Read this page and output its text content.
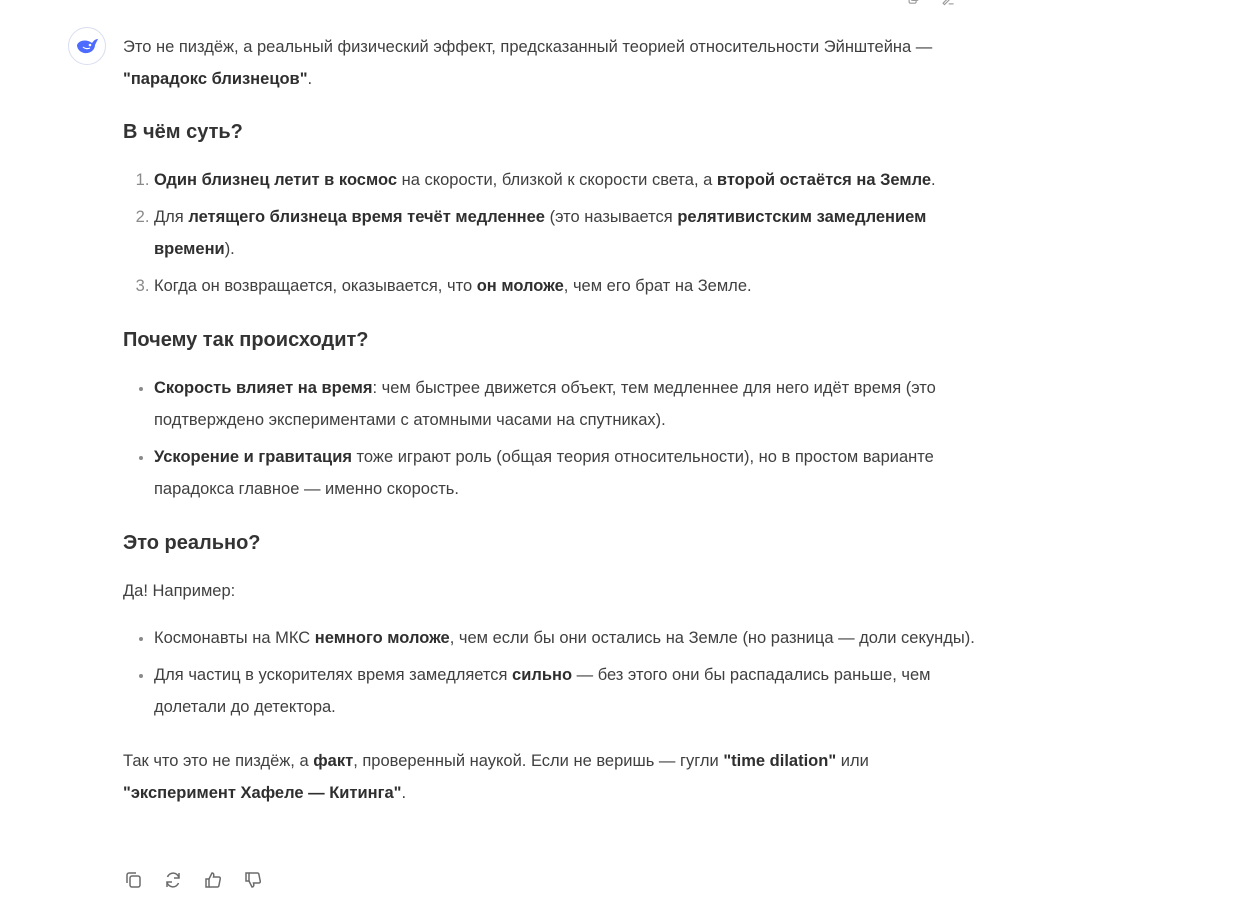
Это не пиздёж, а реальный физический эффект, предсказанный теорией относительности Эйнштейна — "парадокс близнецов".

В чём суть?
1. Один близнец летит в космос на скорости, близкой к скорости света, а второй остаётся на Земле.
2. Для летящего близнеца время течёт медленнее (это называется релятивистским замедлением времени).
3. Когда он возвращается, оказывается, что он моложе, чем его брат на Земле.
Почему так происходит?
• Скорость влияет на время: чем быстрее движется объект, тем медленнее для него идёт время (это подтверждено экспериментами с атомными часами на спутниках).
• Ускорение и гравитация тоже играют роль (общая теория относительности), но в простом варианте парадокса главное — именно скорость.
Это реально?

Да! Например:

• Космонавты на МКС немного моложе, чем если бы они остались на Земле (но разница — доли секунды).
• Для частиц в ускорителях время замедляется сильно — без этого они бы распадались раньше, чем долетали до детектора.

Так что это не пиздёж, а факт, проверенный наукой. Если не веришь — гугли "time dilation" или "эксперимент Хафеле — Китинга".
